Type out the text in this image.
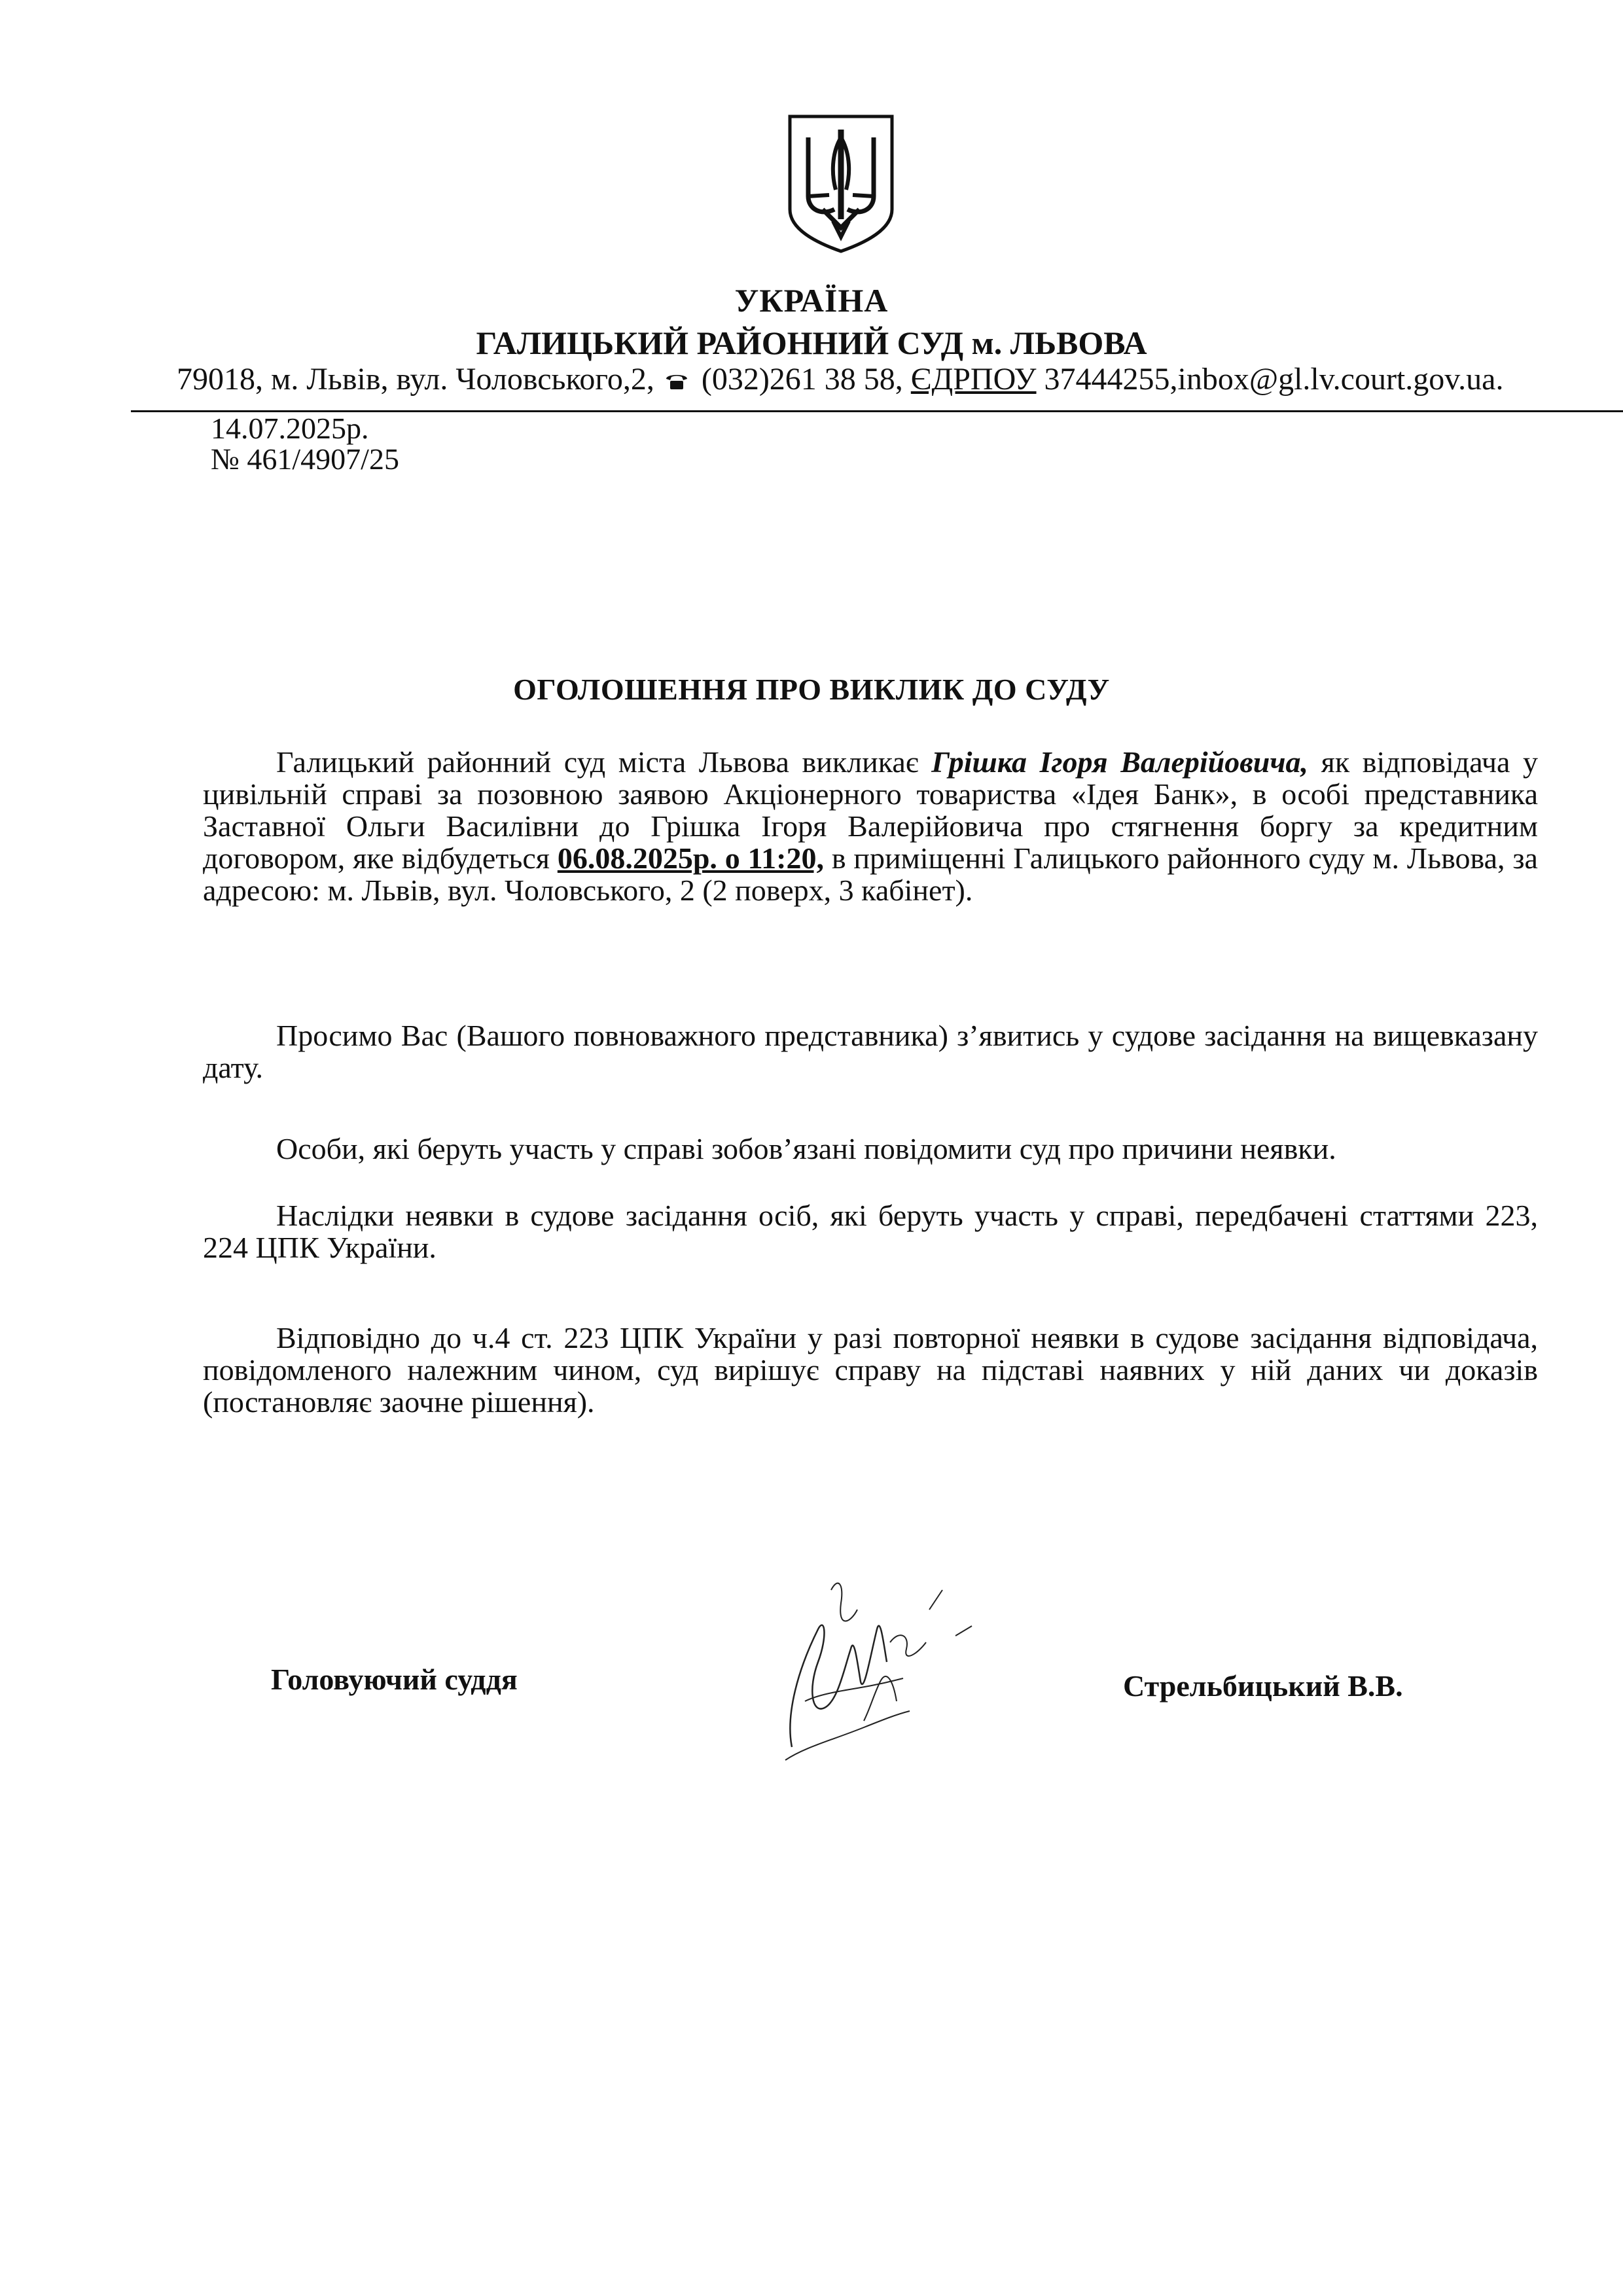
УКРАЇНА
ГАЛИЦЬКИЙ РАЙОННИЙ СУД м. ЛЬВОВА
79018, м. Львів, вул. Чоловського,2, (032)261 38 58, ЄДРПОУ 37444255,inbox@gl.lv.court.gov.ua.
14.07.2025р.
№ 461/4907/25
ОГОЛОШЕННЯ ПРО ВИКЛИК ДО СУДУ
Галицький районний суд міста Львова викликає Грішка Ігоря Валерійовича, як відповідача у цивільній справі за позовною заявою Акціонерного товариства «Ідея Банк», в особі представника Заставної Ольги Василівни до Грішка Ігоря Валерійовича про стягнення боргу за кредитним договором, яке відбудеться 06.08.2025р. о 11:20, в приміщенні Галицького районного суду м. Львова, за адресою: м. Львів, вул. Чоловського, 2 (2 поверх, 3 кабінет).
Просимо Вас (Вашого повноважного представника) з’явитись у судове засідання на вищевказану дату.
Особи, які беруть участь у справі зобов’язані повідомити суд про причини неявки.
Наслідки неявки в судове засідання осіб, які беруть участь у справі, передбачені статтями 223, 224 ЦПК України.
Відповідно до ч.4 ст. 223 ЦПК України у разі повторної неявки в судове засідання відповідача, повідомленого належним чином, суд вирішує справу на підставі наявних у ній даних чи доказів (постановляє заочне рішення).
Головуючий суддя	Стрельбицький В.В.
